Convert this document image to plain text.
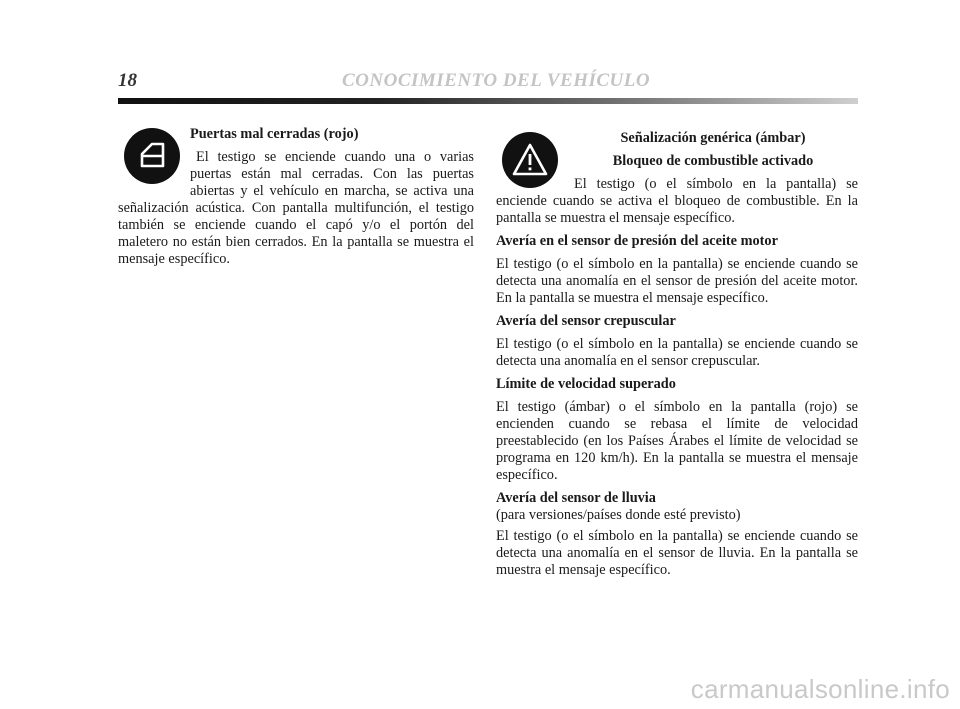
18	CONOCIMIENTO DEL VEHÍCULO

Puertas mal cerradas (rojo)

El testigo se enciende cuando una o varias puertas están mal cerradas. Con las puertas abiertas y el vehículo en marcha, se activa una señalización acústica. Con pantalla multifunción, el testigo también se enciende cuando el capó y/o el portón del maletero no están bien cerrados. En la pantalla se muestra el mensaje específico.

Señalización genérica (ámbar)

Bloqueo de combustible activado

El testigo (o el símbolo en la pantalla) se enciende cuando se activa el bloqueo de combustible. En la pantalla se muestra el mensaje específico.

Avería en el sensor de presión del aceite motor

El testigo (o el símbolo en la pantalla) se enciende cuando se detecta una anomalía en el sensor de presión del aceite motor. En la pantalla se muestra el mensaje específico.

Avería del sensor crepuscular

El testigo (o el símbolo en la pantalla) se enciende cuando se detecta una anomalía en el sensor crepuscular.

Límite de velocidad superado

El testigo (ámbar) o el símbolo en la pantalla (rojo) se encienden cuando se rebasa el límite de velocidad preestablecido (en los Países Árabes el límite de velocidad se programa en 120 km/h). En la pantalla se muestra el mensaje específico.

Avería del sensor de lluvia

(para versiones/países donde esté previsto)

El testigo (o el símbolo en la pantalla) se enciende cuando se detecta una anomalía en el sensor de lluvia. En la pantalla se muestra el mensaje específico.

carmanualsonline.info
